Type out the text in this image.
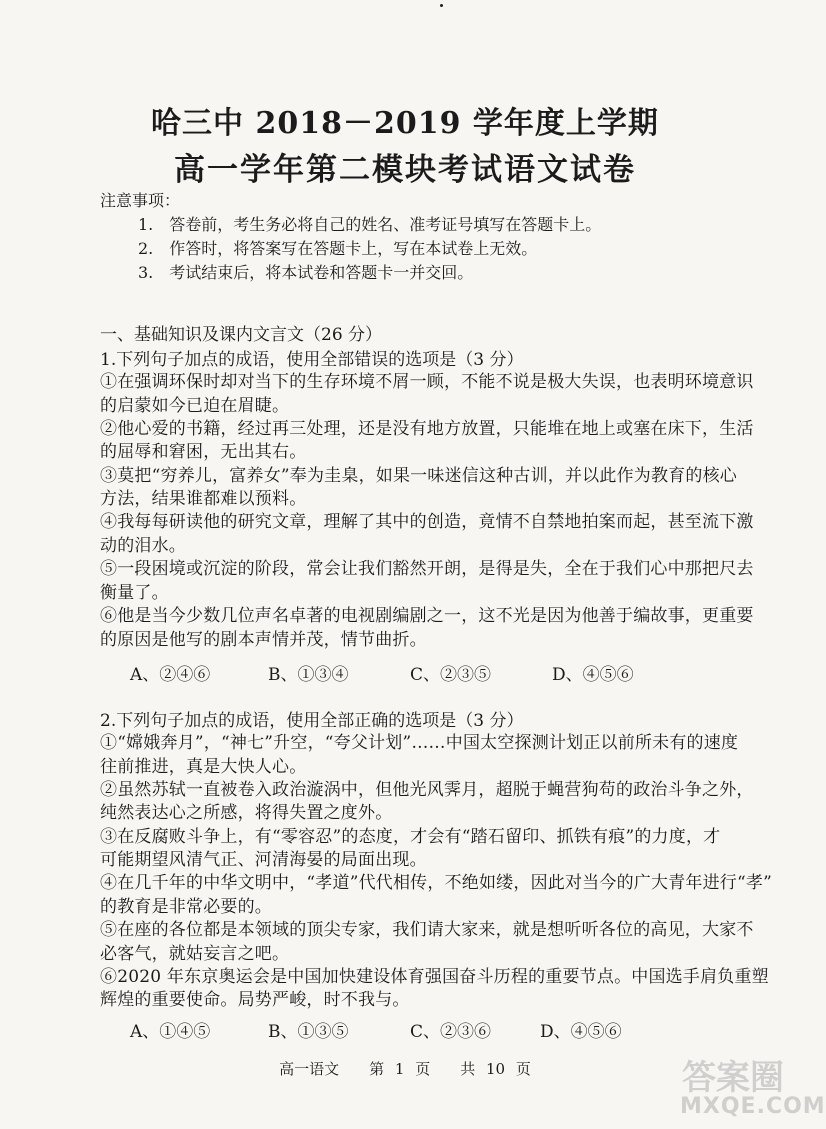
哈三中 2018－2019 学年度上学期
高一学年第二模块考试语文试卷
注意事项：
1.　答卷前，考生务必将自己的姓名、准考证号填写在答题卡上。
2.　作答时，将答案写在答题卡上，写在本试卷上无效。
3.　考试结束后，将本试卷和答题卡一并交回。
一、基础知识及课内文言文（26 分）
1.下列句子加点的成语，使用全部错误的选项是（3 分）
①在强调环保时却对当下的生存环境不屑一顾，不能不说是极大失误，也表明环境意识
的启蒙如今已迫在眉睫。
②他心爱的书籍，经过再三处理，还是没有地方放置，只能堆在地上或塞在床下，生活
的屈辱和窘困，无出其右。
③莫把“穷养儿，富养女”奉为圭臬，如果一味迷信这种古训，并以此作为教育的核心
方法，结果谁都难以预料。
④我每每研读他的研究文章，理解了其中的创造，竟情不自禁地拍案而起，甚至流下激
动的泪水。
⑤一段困境或沉淀的阶段，常会让我们豁然开朗，是得是失，全在于我们心中那把尺去
衡量了。
⑥他是当今少数几位声名卓著的电视剧编剧之一，这不光是因为他善于编故事，更重要
的原因是他写的剧本声情并茂，情节曲折。
A、②④⑥	B、①③④	C、②③⑤	D、④⑤⑥
2.下列句子加点的成语，使用全部正确的选项是（3 分）
①“嫦娥奔月”，“神七”升空，“夸父计划”……中国太空探测计划正以前所未有的速度
往前推进，真是大快人心。
②虽然苏轼一直被卷入政治漩涡中，但他光风霁月，超脱于蝇营狗苟的政治斗争之外，
纯然表达心之所感，将得失置之度外。
③在反腐败斗争上，有“零容忍”的态度，才会有“踏石留印、抓铁有痕”的力度，才
可能期望风清气正、河清海晏的局面出现。
④在几千年的中华文明中，“孝道”代代相传，不绝如缕，因此对当今的广大青年进行“孝”
的教育是非常必要的。
⑤在座的各位都是本领域的顶尖专家，我们请大家来，就是想听听各位的高见，大家不
必客气，就姑妄言之吧。
⑥2020 年东京奥运会是中国加快建设体育强国奋斗历程的重要节点。中国选手肩负重塑
辉煌的重要使命。局势严峻，时不我与。
A、①④⑤	B、①③⑤	C、②③⑥	D、④⑤⑥
高一语文　　第 1 页　　共 10 页	答案圈
MXQE.COM
